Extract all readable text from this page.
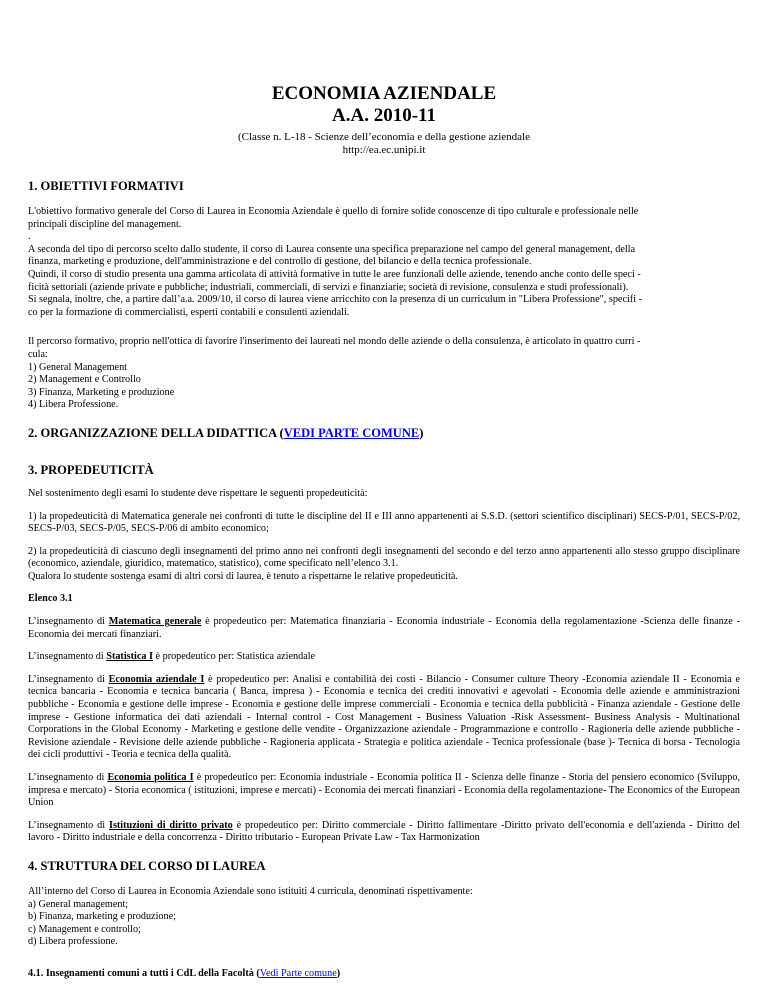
ECONOMIA AZIENDALE
A.A. 2010-11
(Classe n. L-18 - Scienze dell’economia e della gestione aziendale
http://ea.ec.unipi.it
1. OBIETTIVI FORMATIVI
L'obiettivo formativo generale del Corso di Laurea in Economia Aziendale è quello di fornire solide conoscenze di tipo culturale e professionale nelle
principali discipline del management.
.
A seconda del tipo di percorso scelto dallo studente, il corso di Laurea consente una specifica preparazione nel campo del general management, della
finanza, marketing e produzione, dell'amministrazione e del controllo di gestione, del bilancio e della tecnica professionale.
Quindi, il corso di studio presenta una gamma articolata di attività formative in tutte le aree funzionali delle aziende, tenendo anche conto delle speci -
ficità settoriali (aziende private e pubbliche; industriali, commerciali, di servizi e finanziarie; società di revisione, consulenza e studi professionali).
Si segnala, inoltre, che, a partire dall’a.a. 2009/10, il corso di laurea viene arricchito con la presenza di un curriculum in "Libera Professione", specifi -
co per la formazione di commercialisti, esperti contabili e consulenti aziendali.
Il percorso formativo, proprio nell'ottica di favorire l'inserimento dei laureati nel mondo delle aziende o della consulenza, è articolato in quattro curri -
cula:
1) General Management
2) Management e Controllo
3) Finanza, Marketing e produzione
4) Libera Professione.
2. ORGANIZZAZIONE DELLA DIDATTICA (VEDI PARTE COMUNE)
3. PROPEDEUTICITÀ

Nel sostenimento degli esami lo studente deve rispettare le seguenti propedeuticità:

1) la propedeuticità di Matematica generale nei confronti di tutte le discipline del II e III anno appartenenti ai S.S.D. (settori scientifico disciplinari) SECS-P/01, SECS-P/02, SECS-P/03, SECS-P/05, SECS-P/06 di ambito economico;

2) la propedeuticità di ciascuno degli insegnamenti del primo anno nei confronti degli insegnamenti del secondo e del terzo anno appartenenti allo stesso gruppo disciplinare (economico, aziendale, giuridico, matematico, statistico), come specificato nell’elenco 3.1.

Qualora lo studente sostenga esami di altri corsi di laurea, è tenuto a rispettarne le relative propedeuticità.

Elenco 3.1

L’insegnamento di Matematica generale è propedeutico per: Matematica finanziaria - Economia industriale - Economia della regolamentazione -Scienza delle finanze - Economia dei mercati finanziari.

L’insegnamento di Statistica I è propedeutico per: Statistica aziendale

L’insegnamento di Economia aziendale I è propedeutico per: Analisi e contabilità dei costi - Bilancio - Consumer culture Theory -Economia aziendale II - Economia e tecnica bancaria - Economia e tecnica bancaria ( Banca, impresa ) - Economia e tecnica dei crediti innovativi e agevolati - Economia delle aziende e amministrazioni pubbliche - Economia e gestione delle imprese - Economia e gestione delle imprese commerciali - Economia e tecnica della pubblicità - Finanza aziendale - Gestione delle imprese - Gestione informatica dei dati aziendali - Internal control - Cost Management - Business Valuation -Risk Assessment- Business Analysis - Multinational Corporations in the Global Economy - Marketing e gestione delle vendite - Organizzazione aziendale - Programmazione e controllo - Ragioneria delle aziende pubbliche - Revisione aziendale - Revisione delle aziende pubbliche - Ragioneria applicata - Strategia e politica aziendale - Tecnica professionale (base )- Tecnica di borsa - Tecnologia dei cicli produttivi - Teoria e tecnica della qualità.

L’insegnamento di Economia politica I è propedeutico per: Economia industriale - Economia politica II - Scienza delle finanze - Storia del pensiero economico (Sviluppo, impresa e mercato) - Storia economica ( istituzioni, imprese e mercati) - Economia dei mercati finanziari - Economia della regolamentazione- The Economics of the European Union

L’insegnamento di Istituzioni di diritto privato è propedeutico per: Diritto commerciale - Diritto fallimentare -Diritto privato dell'economia e dell'azienda - Diritto del lavoro - Diritto industriale e della concorrenza - Diritto tributario - European Private Law - Tax Harmonization

4. STRUTTURA DEL CORSO DI LAUREA
All’interno del Corso di Laurea in Economia Aziendale sono istituiti 4 curricula, denominati rispettivamente:
a) General management;
b) Finanza, marketing e produzione;
c) Management e controllo;
d) Libera professione.

4.1. Insegnamenti comuni a tutti i CdL della Facoltà (Vedi Parte comune)
